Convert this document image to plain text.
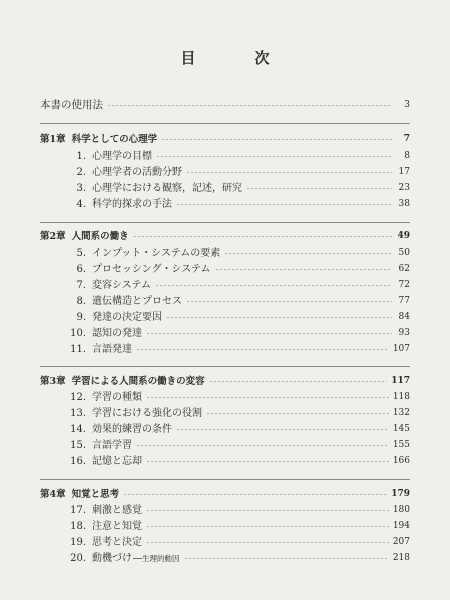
目　次
本書の使用法	3
第1章 科学としての心理学	7
1. 心理学の目標	8
2. 心理学者の活動分野	17
3. 心理学における観察，記述，研究	23
4. 科学的探求の手法	38
第2章 人間系の働き	49
5. インプット・システムの要素	50
6. プロセッシング・システム	62
7. 変容システム	72
8. 遺伝構造とプロセス	77
9. 発達の決定要因	84
10. 認知の発達	93
11. 言語発達	107
第3章 学習による人間系の働きの変容	117
12. 学習の種類	118
13. 学習における強化の役割	132
14. 効果的練習の条件	145
15. 言語学習	155
16. 記憶と忘却	166
第4章 知覚と思考	179
17. 刺激と感覚	180
18. 注意と知覚	194
19. 思考と決定	207
20. 動機づけ──生理的動因	218
